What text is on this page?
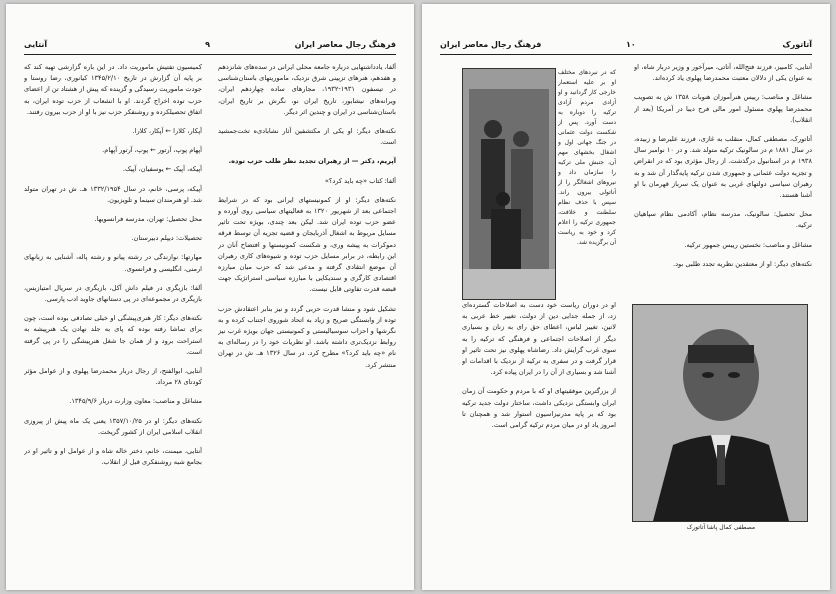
فرهنگ رجال معاصر ایران
۹
آنتایی

آلفا، یادداشتهایی درباره جامعه محلی ایرانی در سده‌های شانزدهم و هفدهم، هنرهای تزیینی شرق نزدیک، ماموریتهای باستان‌شناسی در تیسفون ۱۹۳۱-۱۹۳۲، مجارهای ساده چهاردهم ایران، ویرانه‌های نیشابور، تاریخ ایران نو، نگرش بر تاریخ ایران، باستان‌شناسی در ایران و چندین اثر دیگر.

نکته‌های دیگر: او یکی از مکتشفین آثار نشابادی‌ه تخت‌جمشید است.

آپریم، دکتر — از رهبران تجدید نظر طلب حزب توده.

آلفا: کتاب «چه باید کرد؟»

نکته‌های دیگر: او از کمونیستهای ایرانی بود که در شرایط اجتماعی بعد از شهریور ۱۳۲۰ به فعالیتهای سیاسی روی آورده و عضو حزب توده ایران شد. لیکن بعد چندی، بویژه تحت تاثیر مسایل مربوط به اشغال آذربایجان و قضیه تجزیه آن توسط فرقه دموکرات به پیشه وری، و شکست کمونیستها و افتضاح آنان در این رابطه، در برابر مسایل حزب توده و شیوه‌های کاری رهبران آن موضع انتقادی گرفته و مدعی شد که حزب میان مبارزه اقتصادی کارگری و سندیکایی با مبارزه سیاسی استراتژیک جهت قبضه قدرت تفاوتی قایل نیست.

تشکیل شود و منشا قدرت حزبی گردد و نیز بنابر اعتقادش حزب توده از وابستگی صریح و زیاد به اتحاد شوروی اجتناب کرده و به نگرشها و احزاب سوسیالیستی و کمونیستی جهان بویژه غرب نیز روابط نزدیک‌تری داشته باشد. او نظریات خود را در رساله‌ای به نام «چه باید کرد؟» مطرح کرد. در سال ۱۳۲۶ هـ. ش در تهران منتشر کرد.

کمیسیون تفتیش ماموریت داد. در این باره گزارشی تهیه کند که بر پایه آن گزارش در تاریخ ۱۳۴۵/۲/۱۰ کیانوری، رضا روستا و جودت ماموریت رسیدگی و گزینده که پیش از هشتاد تن از اعضای حزب توده اخراج گردند. او با انشعاب از حزب توده ایران، به اتفاق تحصیلکرده و روشنفکر حزب نیز با او از حزب بیرون رفتند.

آپکار، کلارا ← آپکار، کلارا.

آپهام پوپ، آرتور ← پوپ، آرتور آپهام.

آپیکه، آپیک ← یوسفیان، آپیک.

آپیکه، پرسی، خانم، در سال ۱۳۳۲/۱۹۵۴ هـ. ش در تهران متولد شد. او هنرمندان سینما و تلویزیون.

محل تحصیل: تهران، مدرسه فرانسویها.

تحصیلات: دیپلم دبیرستان.

مهارتها: نوازندگی در رشته پیانو و رشته پاله، آشنایی به زبانهای ارمنی، انگلیسی و فرانسوی.

آلفا: بازیگری در فیلم داش آکل، بازیگری در سریال امتیازیس، بازیگری در مجموعه‌ای در پی دستانهای جاوید ادب پارسی.

نکته‌های دیگر: کار هنری‌پیشگی او خیلی تصادفی بوده است، چون برای تماشا رفته بوده که پای به جلد نهادن یک هنرپیشه به استراحت برود و از همان جا شغل هنرپیشگی را در پی گرفته است.

آنتایی، ابوالفتح، از رجال دربار محمدرضا پهلوی و از عوامل مؤثر کودتای ۲۸ مرداد.

مشاغل و مناصب: معاون وزارت دربار ۱۳۴۵/۹/۶.

نکته‌های دیگر: او در ۱۳۵۷/۱۰/۲۵ یعنی یک ماه پیش از پیروزی انقلاب اسلامی ایران از کشور گریخت.

آنتایی، میمنت، خانم، دختر خاله شاه و از عوامل او و تاثیر او در بجامع شبه روشنفکری قبل از انقلاب.

آتاتورک
۱۰
فرهنگ رجال معاصر ایران

آنتایی، کامبیز، فرزند فتح‌الله، آتاتی، میرآخور و وزیر دربار شاه، او به عنوان یکی از دلالان معتبت محمدرضا پهلوی یاد کرده‌اند.

مشاغل و مناصب: رییس هنرآموزان هنوبات ۱۳۵۸ ش به تصویب محمدرضا پهلوی مسئول امور مالی فرح دیبا در آمریکا (بعد از انقلاب).

آتاتورک، مصطفی کمال، منقلب به غازی، فرزند علیرضا و زبیده، در سال ۱۸۸۱ م در سالونیک ترکیه متولد شد. و در ۱۰ نوامبر سال ۱۹۳۸ م در استانبول درگذشت. از رجال مؤثری بود که در انقراض و تجزیه دولت عثمانی و جمهوری شدن ترکیه پایه‌گذار آن شد و به رهبران سیاسی دولتهای غربی به عنوان یک سرباز قهرمان با او آشنا هستند.

محل تحصیل: سالونیک، مدرسه نظام، آکادمی نظام سپاهیان ترکیه.

مشاغل و مناصب: نخستین رییس جمهور ترکیه.

نکته‌های دیگر: او از معتقدین نظریه تجدد طلبی بود.

که در نبردهای مختلف او بر علیه استعمار خارجی کار گردانید و او آزادی مردم آزادی ترکیه را دوباره به دست آورد. پس از شکست دولت عثمانی در جنگ جهانی اول و اشغال بخشهای مهم آن، جنبش ملی ترکیه را سازمان داد و نیروهای اشغالگر را از آناتولی بیرون راند. سپس با حذف نظام سلطنت و خلافت، جمهوری ترکیه را اعلام کرد و خود به ریاست آن برگزیده شد.

او در دوران ریاست خود دست به اصلاحات گسترده‌ای زد، از جمله جدایی دین از دولت، تغییر خط عربی به لاتین، تغییر لباس، اعطای حق رای به زنان و بسیاری دیگر از اصلاحات اجتماعی و فرهنگی که ترکیه را به سوی غرب گرایش داد. رضاشاه پهلوی نیز تحت تاثیر او قرار گرفت و در سفری به ترکیه از نزدیک با اقدامات او آشنا شد و بسیاری از آن را در ایران پیاده کرد.

از بزرگترین موفقیتهای او که با مردم و حکومت آن زمان ایران وابستگی نزدیکی داشت، ساختار دولت جدید ترکیه بود که بر پایه مدرنیزاسیون استوار شد و همچنان تا امروز یاد او در میان مردم ترکیه گرامی است.

مصطفی کمال پاشا آتاتورک
